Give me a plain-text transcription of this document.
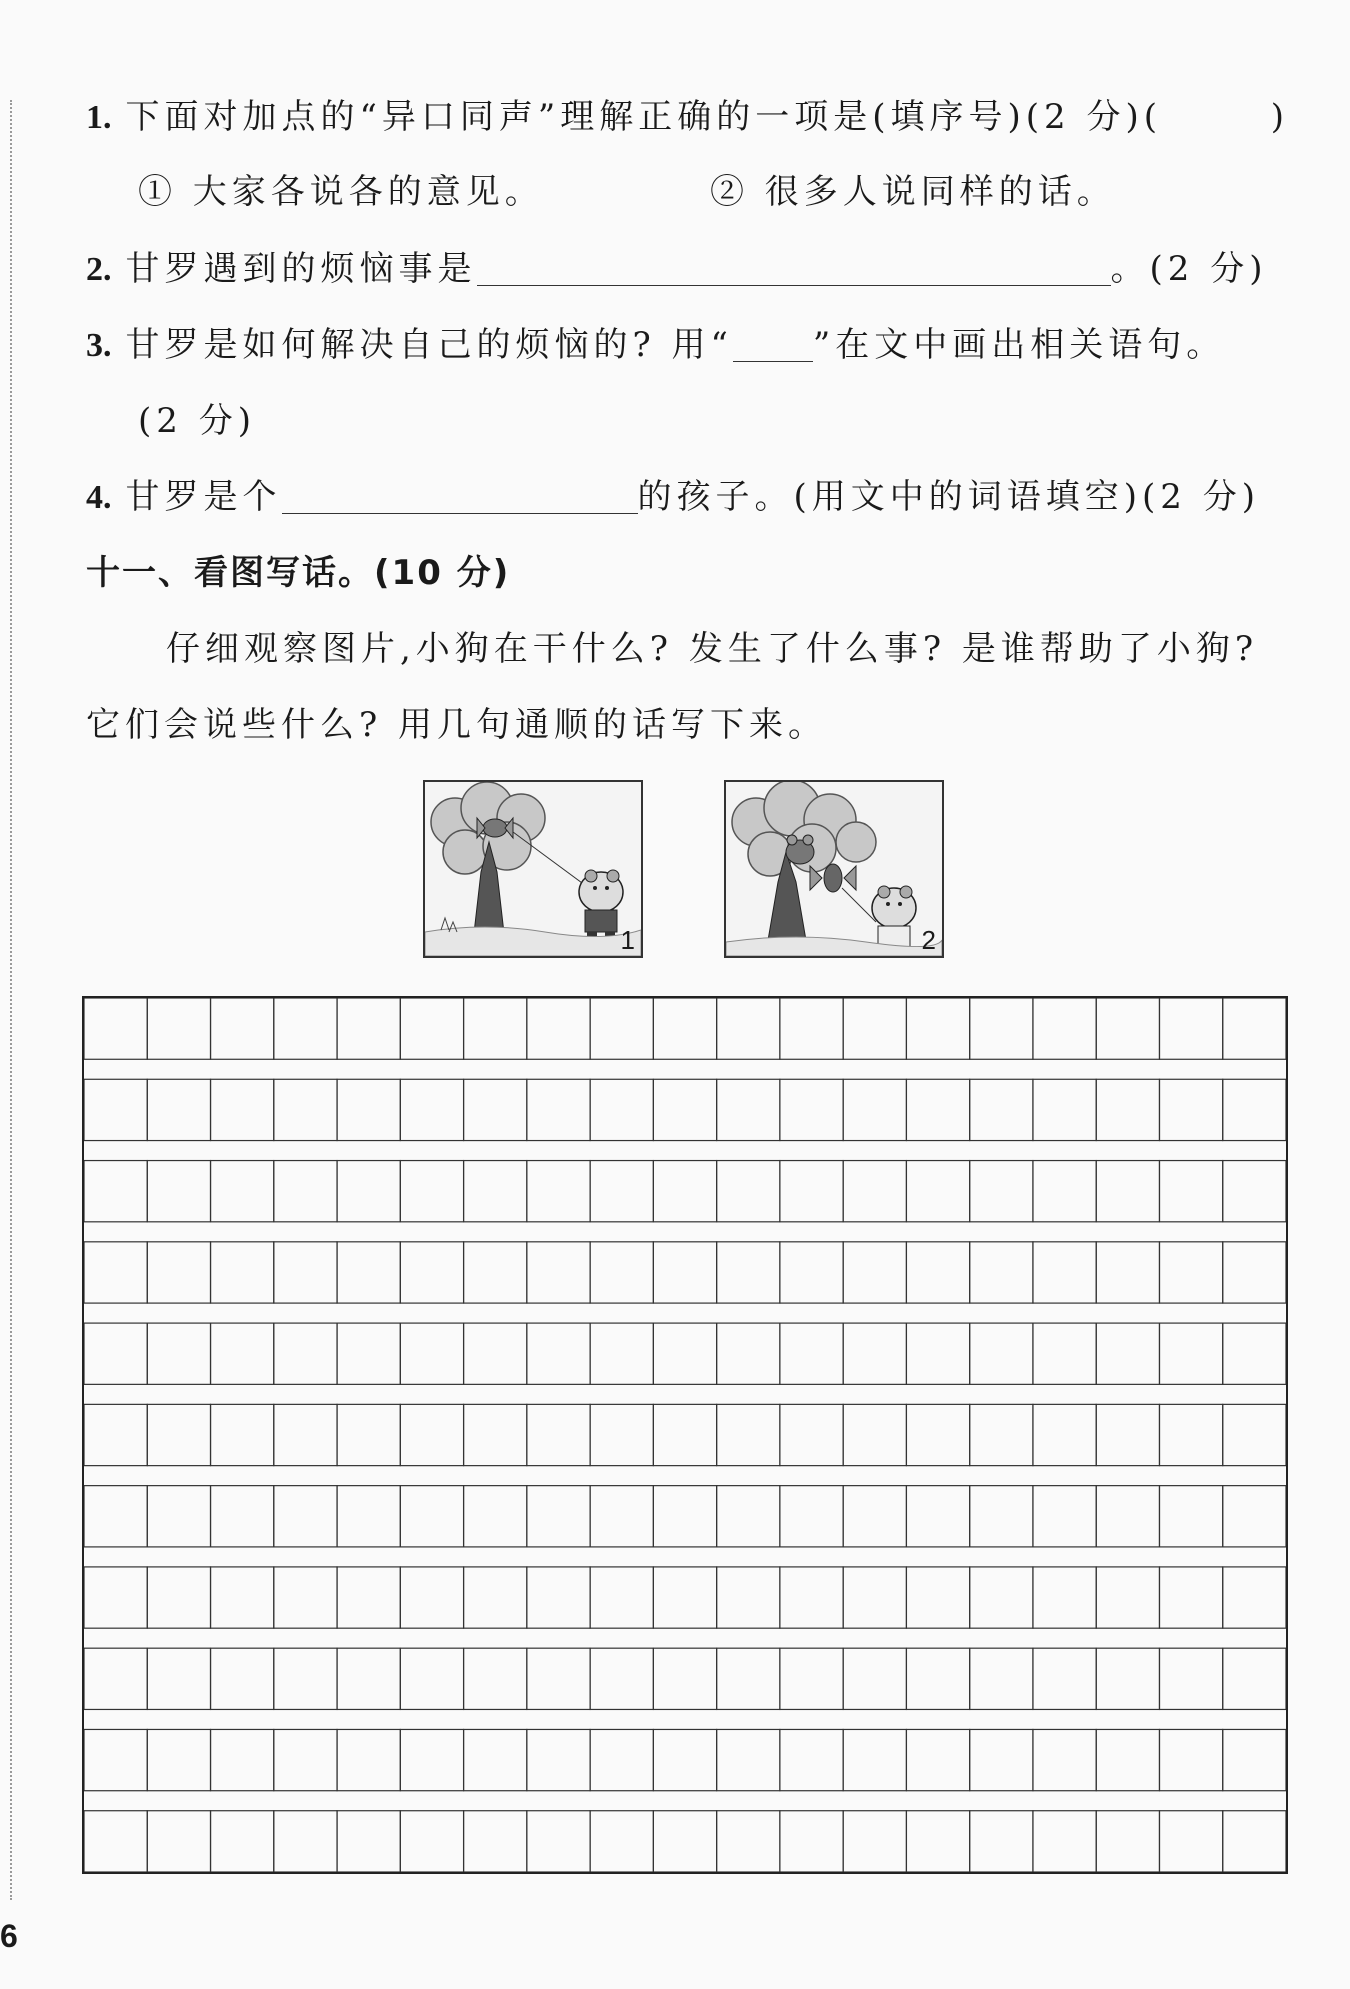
1. 下面对加点的“异口同声”理解正确的一项是(填序号)(2 分)(	)
① 大家各说各的意见。	② 很多人说同样的话。
2. 甘罗遇到的烦恼事是	。(2 分)
3. 甘罗是如何解决自己的烦恼的? 用“ ”在文中画出相关语句。
(2 分)
4. 甘罗是个	的孩子。(用文中的词语填空)(2 分)
十一、看图写话。(10 分)
仔细观察图片,小狗在干什么? 发生了什么事? 是谁帮助了小狗?
它们会说些什么? 用几句通顺的话写下来。
1	2
6
